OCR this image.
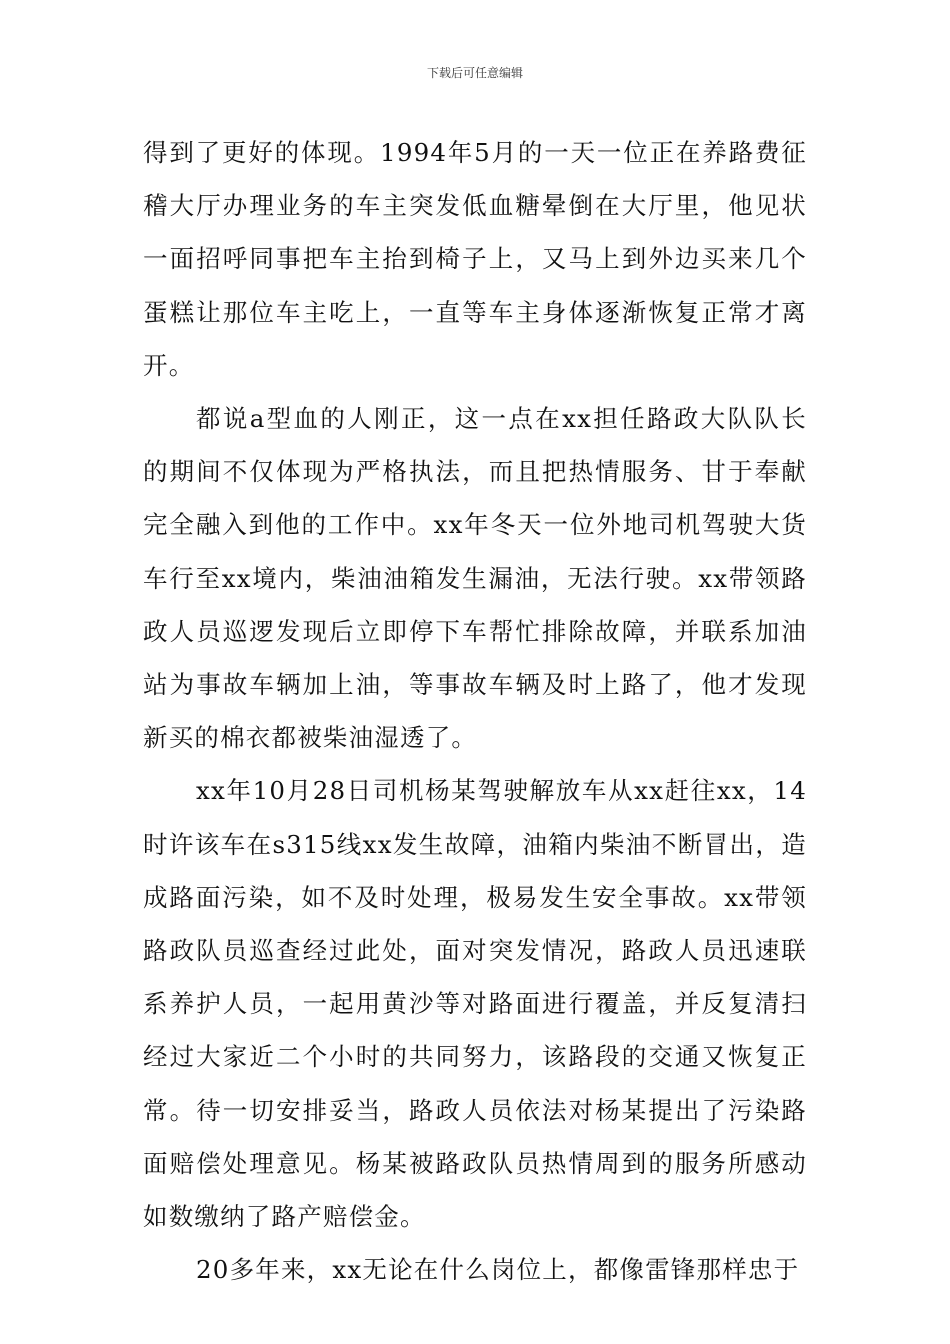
下载后可任意编辑

得到了更好的体现。1994年5月的一天一位正在养路费征稽大厅办理业务的车主突发低血糖晕倒在大厅里，他见状一面招呼同事把车主抬到椅子上，又马上到外边买来几个蛋糕让那位车主吃上，一直等车主身体逐渐恢复正常才离开。

都说a型血的人刚正，这一点在xx担任路政大队队长的期间不仅体现为严格执法，而且把热情服务、甘于奉献完全融入到他的工作中。xx年冬天一位外地司机驾驶大货车行至xx境内，柴油油箱发生漏油，无法行驶。xx带领路政人员巡逻发现后立即停下车帮忙排除故障，并联系加油站为事故车辆加上油，等事故车辆及时上路了，他才发现新买的棉衣都被柴油湿透了。

xx年10月28日司机杨某驾驶解放车从xx赶往xx，14时许该车在s315线xx发生故障，油箱内柴油不断冒出，造成路面污染，如不及时处理，极易发生安全事故。xx带领路政队员巡查经过此处，面对突发情况，路政人员迅速联系养护人员，一起用黄沙等对路面进行覆盖，并反复清扫经过大家近二个小时的共同努力，该路段的交通又恢复正常。待一切安排妥当，路政人员依法对杨某提出了污染路面赔偿处理意见。杨某被路政队员热情周到的服务所感动如数缴纳了路产赔偿金。

20多年来，xx无论在什么岗位上，都像雷锋那样忠于
